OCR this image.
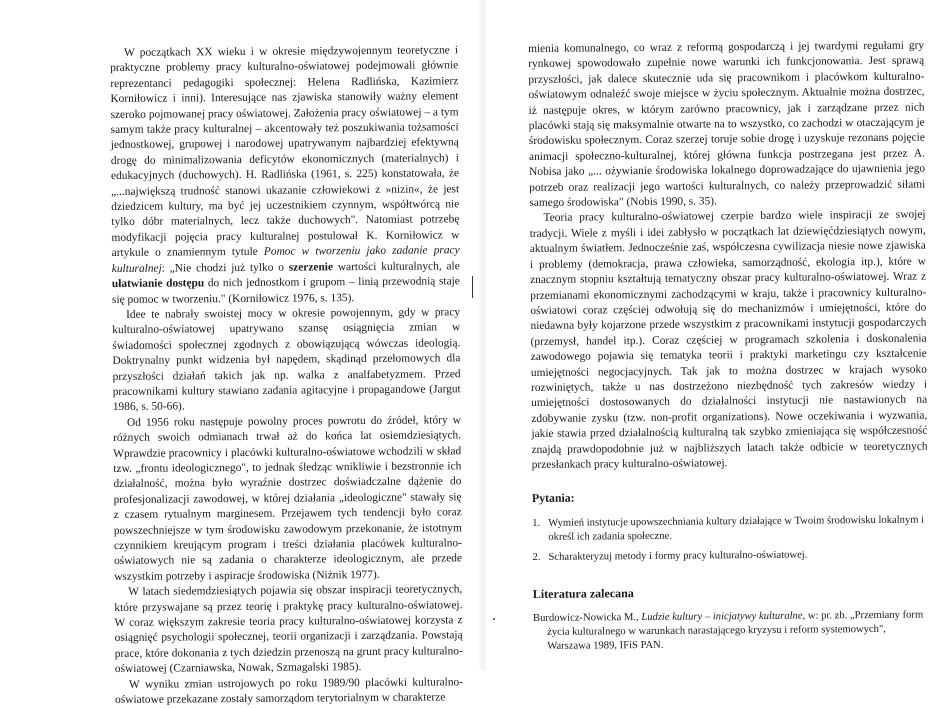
W początkach XX wieku i w okresie międzywojennym teoretyczne i praktyczne problemy pracy kulturalno-oświatowej podejmowali głównie reprezentanci pedagogiki społecznej: Helena Radlińska, Kazimierz Korniłowicz i inni). Interesujące nas zjawiska stanowiły ważny element szeroko pojmowanej pracy oświatowej. Założenia pracy oświatowej – a tym samym także pracy kulturalnej – akcentowały też poszukiwania tożsamości jednostkowej, grupowej i narodowej upatrywanym najbardziej efektywną drogę do minimalizowania deficytów ekonomicznych (materialnych) i edukacyjnych (duchowych). H. Radlińska (1961, s. 225) konstatowała, że „...największą trudność stanowi ukazanie człowiekowi z »nizin«, że jest dziedzicem kultury, ma być jej uczestnikiem czynnym, współtwórcą nie tylko dóbr materialnych, lecz także duchowych". Natomiast potrzebę modyfikacji pojęcia pracy kulturalnej postulował K. Korniłowicz w artykule o znamiennym tytule Pomoc w tworzeniu jako zadanie pracy kulturalnej: „Nie chodzi już tylko o szerzenie wartości kulturalnych, ale ułatwianie dostępu do nich jednostkom i grupom – linią przewodnią staje się pomoc w tworzeniu." (Korniłowicz 1976, s. 135).

Idee te nabrały swoistej mocy w okresie powojennym, gdy w pracy kulturalno-oświatowej upatrywano szansę osiągnięcia zmian w świadomości społecznej zgodnych z obowiązującą wówczas ideologią. Doktrynalny punkt widzenia był napędem, skądinąd przełomowych dla przyszłości działań takich jak np. walka z analfabetyzmem. Przed pracownikami kultury stawiano zadania agitacyjne i propagandowe (Jargut 1986, s. 50-66).

Od 1956 roku następuje powolny proces powrotu do źródeł, który w różnych swoich odmianach trwał aż do końca lat osiemdziesiątych. Wprawdzie pracownicy i placówki kulturalno-oświatowe wchodzili w skład tzw. „frontu ideologicznego", to jednak śledząc wnikliwie i bezstronnie ich działalność, można było wyraźnie dostrzec doświadczalne dążenie do profesjonalizacji zawodowej, w której działania „ideologiczne" stawały się z czasem rytualnym marginesem. Przejawem tych tendencji było coraz powszechniejsze w tym środowisku zawodowym przekonanie, że istotnym czynnikiem kreującym program i treści działania placówek kulturalno-oświatowych nie są zadania o charakterze ideologicznym, ale przede wszystkim potrzeby i aspiracje środowiska (Niżnik 1977).

W latach siedemdziesiątych pojawia się obszar inspiracji teoretycznych, które przyswajane są przez teorię i praktykę pracy kulturalno-oświatowej. W coraz większym zakresie teoria pracy kulturalno-oświatowej korzysta z osiągnięć psychologii społecznej, teorii organizacji i zarządzania. Powstają prace, które dokonania z tych dziedzin przenoszą na grunt pracy kulturalno-oświatowej (Czarniawska, Nowak, Szmagalski 1985).

W wyniku zmian ustrojowych po roku 1989/90 placówki kulturalno-oświatowe przekazane zostały samorządom terytorialnym w charakterze

mienia komunalnego, co wraz z reformą gospodarczą i jej twardymi regułami gry rynkowej spowodowało zupełnie nowe warunki ich funkcjonowania. Jest sprawą przyszłości, jak dalece skutecznie uda się pracownikom i placówkom kulturalno-oświatowym odnaleźć swoje miejsce w życiu społecznym. Aktualnie można dostrzec, iż następuje okres, w którym zarówno pracownicy, jak i zarządzane przez nich placówki stają się maksymalnie otwarte na to wszystko, co zachodzi w otaczającym je środowisku społecznym. Coraz szerzej toruje sobie drogę i uzyskuje rezonans pojęcie animacji społeczno-kulturalnej, której główna funkcja postrzegana jest przez A. Nobisa jako „... ożywianie środowiska lokalnego doprowadzające do ujawnienia jego potrzeb oraz realizacji jego wartości kulturalnych, co należy przeprowadzić siłami samego środowiska" (Nobis 1990, s. 35).

Teoria pracy kulturalno-oświatowej czerpie bardzo wiele inspiracji ze swojej tradycji. Wiele z myśli i idei zabłysło w początkach lat dziewięćdziesiątych nowym, aktualnym światłem. Jednocześnie zaś, współczesna cywilizacja niesie nowe zjawiska i problemy (demokracja, prawa człowieka, samorządność, ekologia itp.), które w znacznym stopniu kształtują tematyczny obszar pracy kulturalno-oświatowej. Wraz z przemianami ekonomicznymi zachodzącymi w kraju, także i pracownicy kulturalno-oświatowi coraz częściej odwołują się do mechanizmów i umiejętności, które do niedawna były kojarzone przede wszystkim z pracownikami instytucji gospodarczych (przemysł, handel itp.). Coraz częściej w programach szkolenia i doskonalenia zawodowego pojawia się tematyka teorii i praktyki marketingu czy kształcenie umiejętności negocjacyjnych. Tak jak to można dostrzec w krajach wysoko rozwiniętych, także u nas dostrzeżono niezbędność tych zakresów wiedzy i umiejętności dostosowanych do działalności instytucji nie nastawionych na zdobywanie zysku (tzw. non-profit organizations). Nowe oczekiwania i wyzwania, jakie stawia przed działalnością kulturalną tak szybko zmieniająca się współczesność znajdą prawdopodobnie już w najbliższych latach także odbicie w teoretycznych przesłankach pracy kulturalno-oświatowej.

Pytania:
1. Wymień instytucje upowszechniania kultury działające w Twoim środowisku lokalnym i określ ich zadania społeczne.
2. Scharakteryzuj metody i formy pracy kulturalno-oświatowej.
Literatura zalecana
Burdowicz-Nowicka M., Ludzie kultury – inicjatywy kulturalne, w: pr. zb. „Przemiany form życia kulturalnego w warunkach narastającego kryzysu i reform systemowych", Warszawa 1989, IFiS PAN.
